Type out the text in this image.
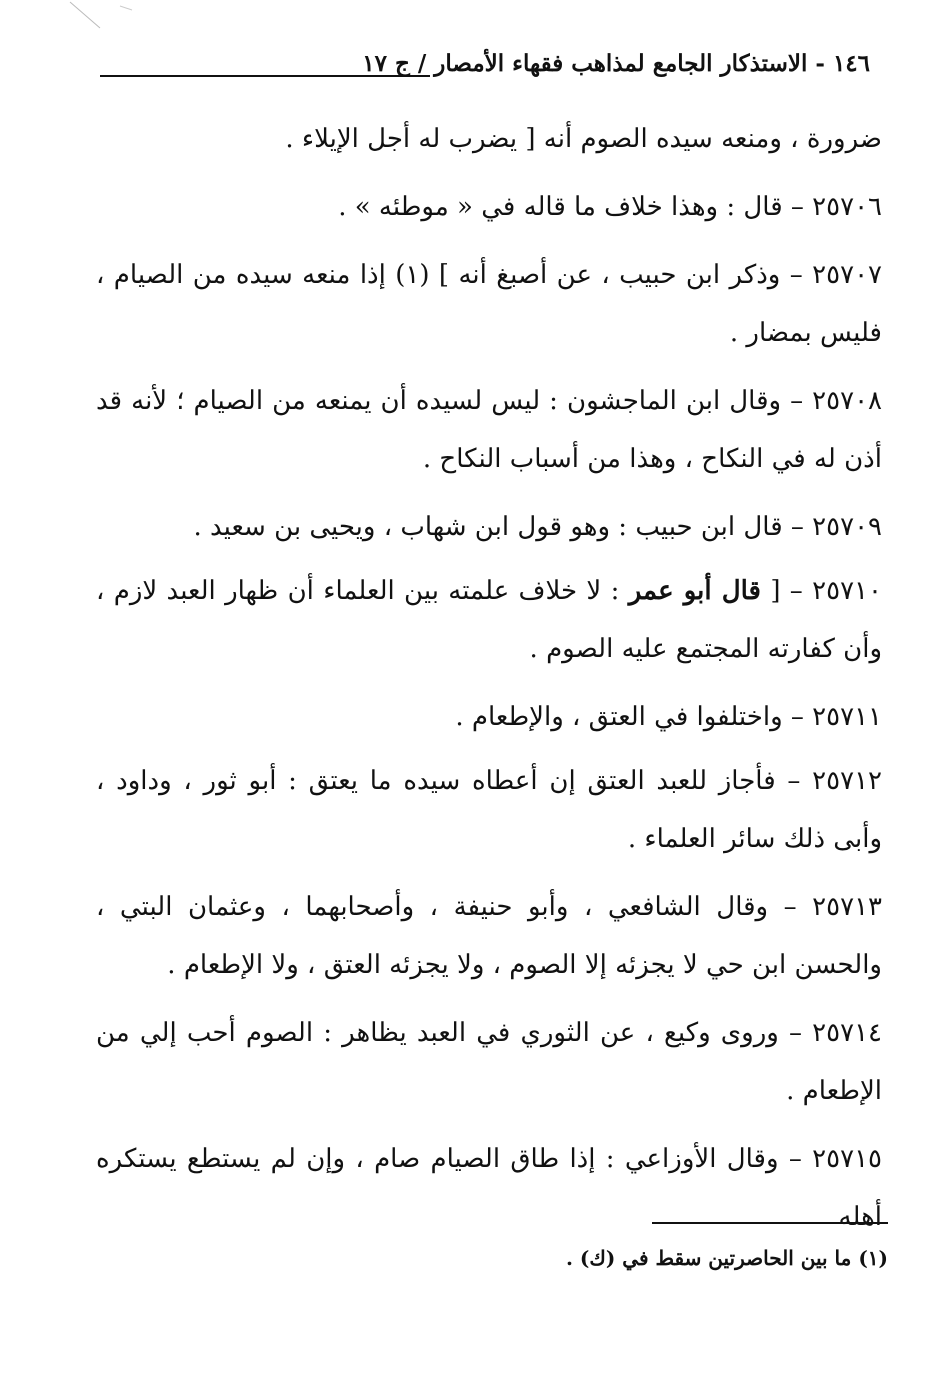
١٤٦ - الاستذكار الجامع لمذاهب فقهاء الأمصار / ج ١٧

ضرورة ، ومنعه سيده الصوم أنه [ يضرب له أجل الإيلاء .

٢٥٧٠٦ – قال : وهذا خلاف ما قاله في « موطئه » .

٢٥٧٠٧ – وذكر ابن حبيب ، عن أصبغ أنه ] (١) إذا منعه سيده من الصيام ، فليس بمضار .

٢٥٧٠٨ – وقال ابن الماجشون : ليس لسيده أن يمنعه من الصيام ؛ لأنه قد أذن له في النكاح ، وهذا من أسباب النكاح .

٢٥٧٠٩ – قال ابن حبيب : وهو قول ابن شهاب ، ويحيى بن سعيد .

٢٥٧١٠ – [ قال أبو عمر : لا خلاف علمته بين العلماء أن ظهار العبد لازم ، وأن كفارته المجتمع عليه الصوم .

٢٥٧١١ – واختلفوا في العتق ، والإطعام .

٢٥٧١٢ – فأجاز للعبد العتق إن أعطاه سيده ما يعتق : أبو ثور ، وداود ، وأبى ذلك سائر العلماء .

٢٥٧١٣ – وقال الشافعي ، وأبو حنيفة ، وأصحابهما ، وعثمان البتي ، والحسن ابن حي لا يجزئه إلا الصوم ، ولا يجزئه العتق ، ولا الإطعام .

٢٥٧١٤ – وروى وكيع ، عن الثوري في العبد يظاهر : الصوم أحب إلي من الإطعام .

٢٥٧١٥ – وقال الأوزاعي : إذا طاق الصيام صام ، وإن لم يستطع يستكره أهله

(١) ما بين الحاصرتين سقط في (ك) .
